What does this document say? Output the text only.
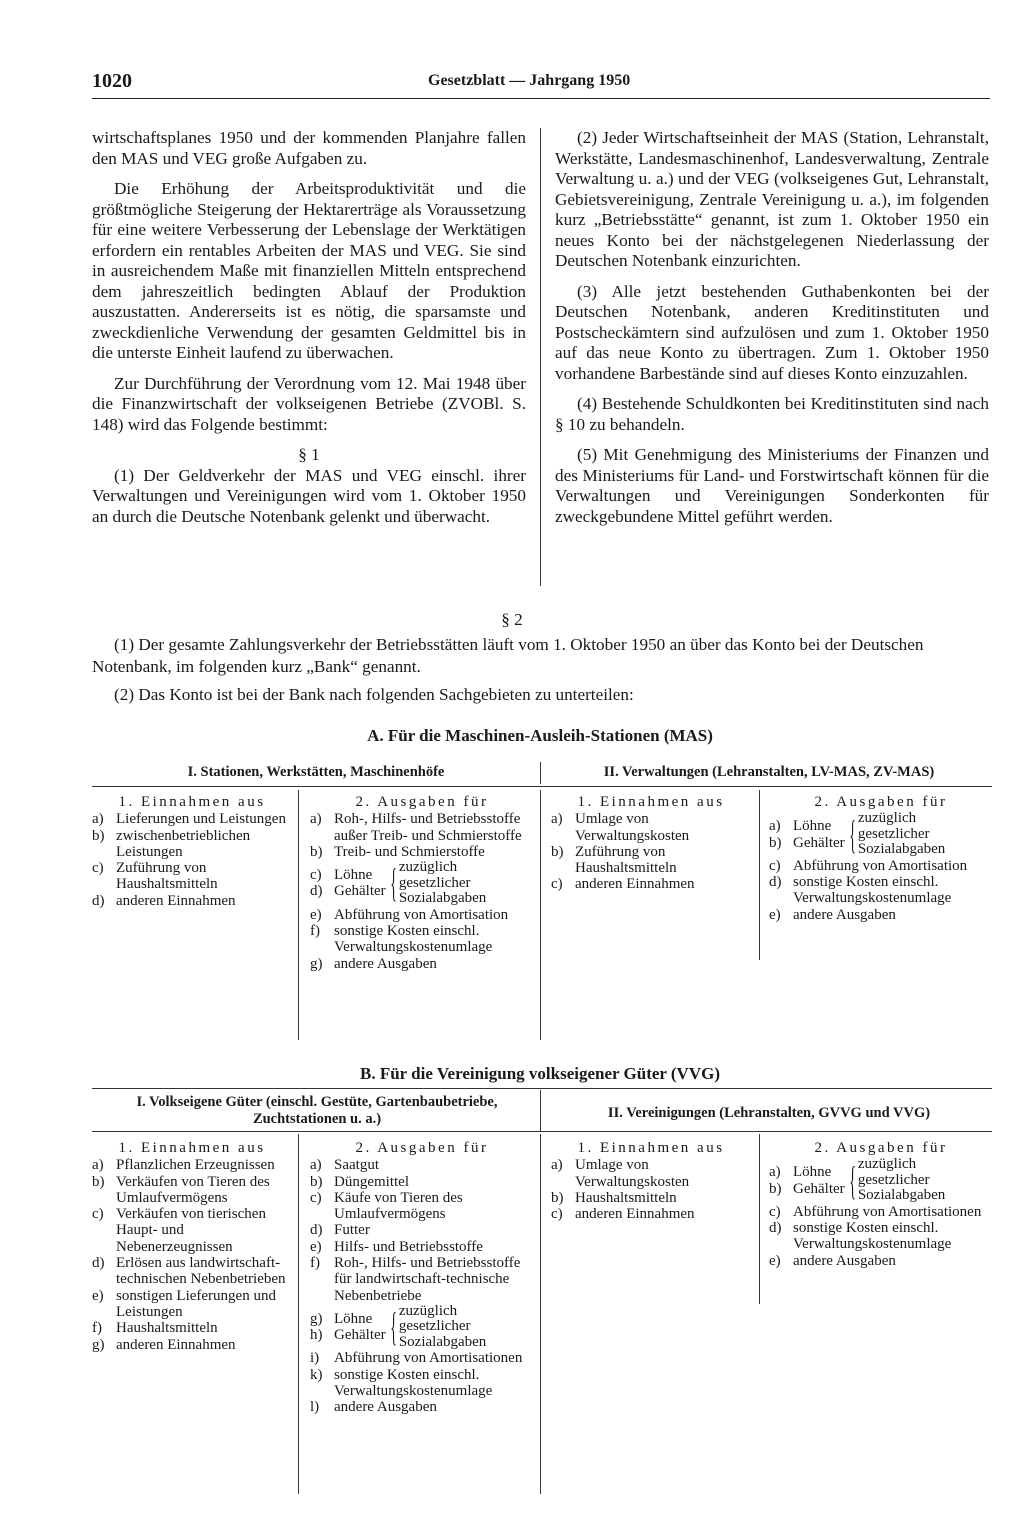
1020	Gesetzblatt — Jahrgang 1950

wirtschaftsplanes 1950 und der kommenden Planjahre fallen den MAS und VEG große Aufgaben zu.

Die Erhöhung der Arbeitsproduktivität und die größtmögliche Steigerung der Hektarerträge als Voraussetzung für eine weitere Verbesserung der Lebenslage der Werktätigen erfordern ein rentables Arbeiten der MAS und VEG. Sie sind in ausreichendem Maße mit finanziellen Mitteln entsprechend dem jahreszeitlich bedingten Ablauf der Produktion auszustatten. Andererseits ist es nötig, die sparsamste und zweckdienliche Verwendung der gesamten Geldmittel bis in die unterste Einheit laufend zu überwachen.

Zur Durchführung der Verordnung vom 12. Mai 1948 über die Finanzwirtschaft der volkseigenen Betriebe (ZVOBl. S. 148) wird das Folgende bestimmt:

§ 1

(1) Der Geldverkehr der MAS und VEG einschl. ihrer Verwaltungen und Vereinigungen wird vom 1. Oktober 1950 an durch die Deutsche Notenbank gelenkt und überwacht.

(2) Jeder Wirtschaftseinheit der MAS (Station, Lehranstalt, Werkstätte, Landesmaschinenhof, Landesverwaltung, Zentrale Verwaltung u. a.) und der VEG (volkseigenes Gut, Lehranstalt, Gebietsvereinigung, Zentrale Vereinigung u. a.), im folgenden kurz „Betriebsstätte“ genannt, ist zum 1. Oktober 1950 ein neues Konto bei der nächstgelegenen Niederlassung der Deutschen Notenbank einzurichten.

(3) Alle jetzt bestehenden Guthabenkonten bei der Deutschen Notenbank, anderen Kreditinstituten und Postscheckämtern sind aufzulösen und zum 1. Oktober 1950 auf das neue Konto zu übertragen. Zum 1. Oktober 1950 vorhandene Barbestände sind auf dieses Konto einzuzahlen.

(4) Bestehende Schuldkonten bei Kreditinstituten sind nach § 10 zu behandeln.

(5) Mit Genehmigung des Ministeriums der Finanzen und des Ministeriums für Land- und Forstwirtschaft können für die Verwaltungen und Vereinigungen Sonderkonten für zweckgebundene Mittel geführt werden.

§ 2
(1) Der gesamte Zahlungsverkehr der Betriebsstätten läuft vom 1. Oktober 1950 an über das Konto bei der Deutschen Notenbank, im folgenden kurz „Bank“ genannt.
(2) Das Konto ist bei der Bank nach folgenden Sachgebieten zu unterteilen:
A. Für die Maschinen-Ausleih-Stationen (MAS)
I. Stationen, Werkstätten, Maschinenhöfe	II. Verwaltungen (Lehranstalten, LV-MAS, ZV-MAS)
1. Einnahmen aus
a) Lieferungen und Leistungen
b) zwischenbetrieblichen Leistungen
c) Zuführung von Haushaltsmitteln
d) anderen Einnahmen
2. Ausgaben für
a) Roh-, Hilfs- und Betriebsstoffe außer Treib- und Schmierstoffe
b) Treib- und Schmierstoffe
c) Löhne
d) Gehälter { zuzüglich
gesetzlicher
Sozialabgaben
e) Abführung von Amortisation
f) sonstige Kosten einschl. Verwaltungskostenumlage
g) andere Ausgaben
1. Einnahmen aus
a) Umlage von Verwaltungskosten
b) Zuführung von Haushaltsmitteln
c) anderen Einnahmen
2. Ausgaben für
a) Löhne
b) Gehälter { zuzüglich
gesetzlicher
Sozialabgaben
c) Abführung von Amortisation
d) sonstige Kosten einschl. Verwaltungskostenumlage
e) andere Ausgaben
B. Für die Vereinigung volkseigener Güter (VVG)
I. Volkseigene Güter (einschl. Gestüte, Gartenbaubetriebe, Zuchtstationen u. a.)	II. Vereinigungen (Lehranstalten, GVVG und VVG)
1. Einnahmen aus
a) Pflanzlichen Erzeugnissen
b) Verkäufen von Tieren des Umlaufvermögens
c) Verkäufen von tierischen Haupt- und Nebenerzeugnissen
d) Erlösen aus landwirtschaft-technischen Nebenbetrieben
e) sonstigen Lieferungen und Leistungen
f) Haushaltsmitteln
g) anderen Einnahmen
2. Ausgaben für
a) Saatgut
b) Düngemittel
c) Käufe von Tieren des Umlaufvermögens
d) Futter
e) Hilfs- und Betriebsstoffe
f) Roh-, Hilfs- und Betriebsstoffe für landwirtschaft-technische Nebenbetriebe
g) Löhne
h) Gehälter { zuzüglich
gesetzlicher
Sozialabgaben
i) Abführung von Amortisationen
k) sonstige Kosten einschl. Verwaltungskostenumlage
l) andere Ausgaben
1. Einnahmen aus
a) Umlage von Verwaltungskosten
b) Haushaltsmitteln
c) anderen Einnahmen
2. Ausgaben für
a) Löhne
b) Gehälter { zuzüglich
gesetzlicher
Sozialabgaben
c) Abführung von Amortisationen
d) sonstige Kosten einschl. Verwaltungskostenumlage
e) andere Ausgaben
